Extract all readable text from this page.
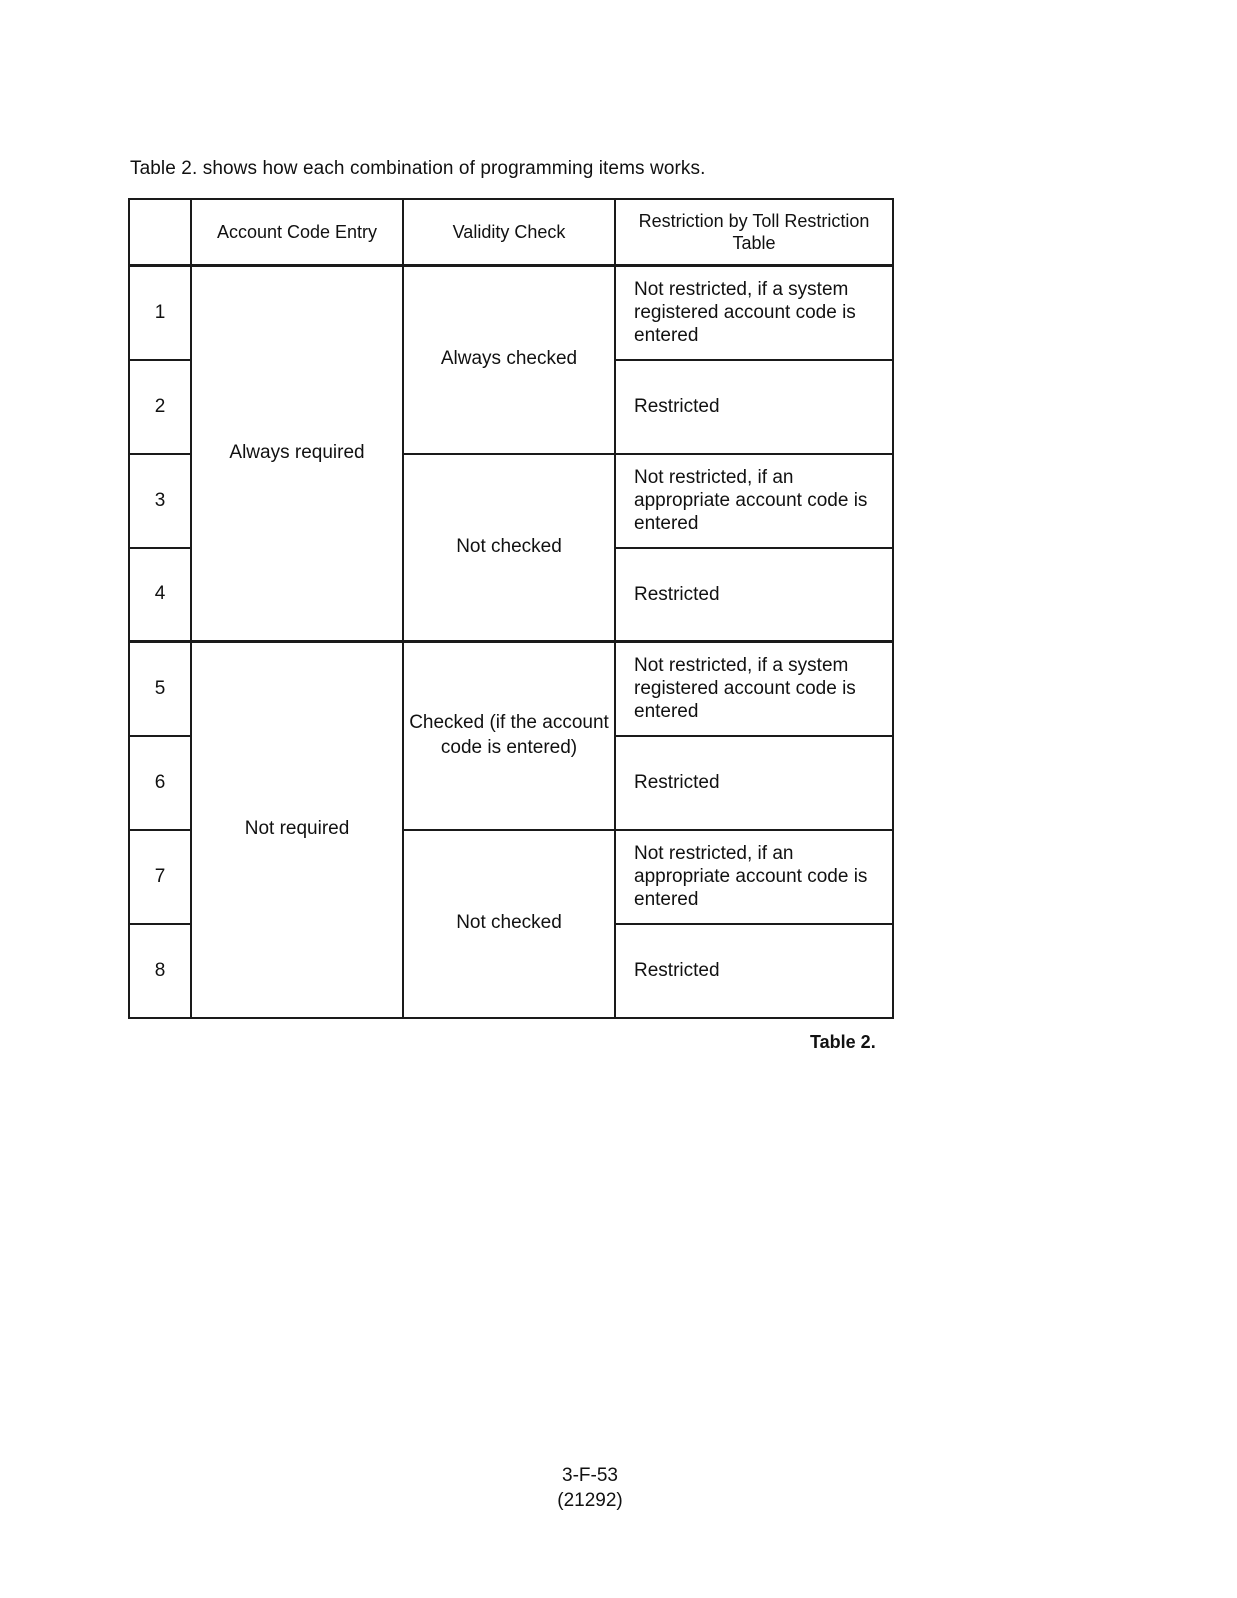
Table 2. shows how each combination of programming items works.

	Account Code Entry	Validity Check	Restriction by Toll Restriction Table
1	Always required	Always checked	Not restricted, if a system registered account code is entered
2			Restricted
3		Not checked	Not restricted, if an appropriate account code is entered
4			Restricted
5	Not required	Checked (if the account code is entered)	Not restricted, if a system registered account code is entered
6			Restricted
7		Not checked	Not restricted, if an appropriate account code is entered
8			Restricted

Table 2.

3-F-53
(21292)
